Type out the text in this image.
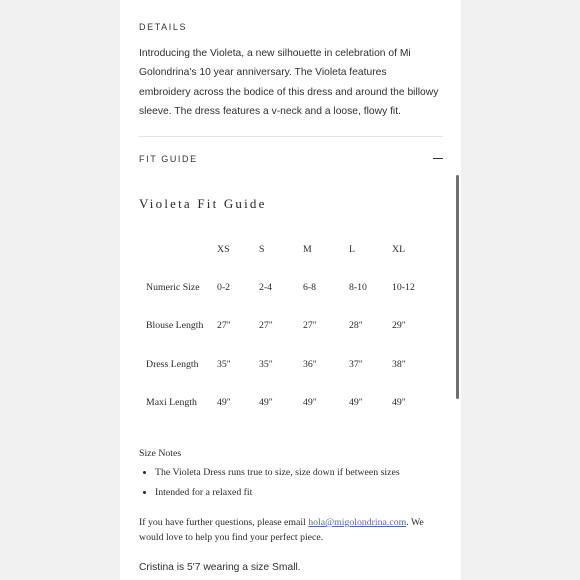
DETAILS
Introducing the Violeta, a new silhouette in celebration of Mi Golondrina's 10 year anniversary. The Violeta features embroidery across the bodice of this dress and around the billowy sleeve. The dress features a v-neck and a loose, flowy fit.
FIT GUIDE
Violeta Fit Guide
	XS	S	M	L	XL
Numeric Size	0-2	2-4	6-8	8-10	10-12
Blouse Length	27"	27"	27"	28"	29"
Dress Length	35"	35"	36"	37"	38"
Maxi Length	49"	49"	49"	49"	49"
Size Notes
• The Violeta Dress runs true to size, size down if between sizes
• Intended for a relaxed fit
If you have further questions, please email hola@migolondrina.com. We would love to help you find your perfect piece.
Cristina is 5'7 wearing a size Small.
